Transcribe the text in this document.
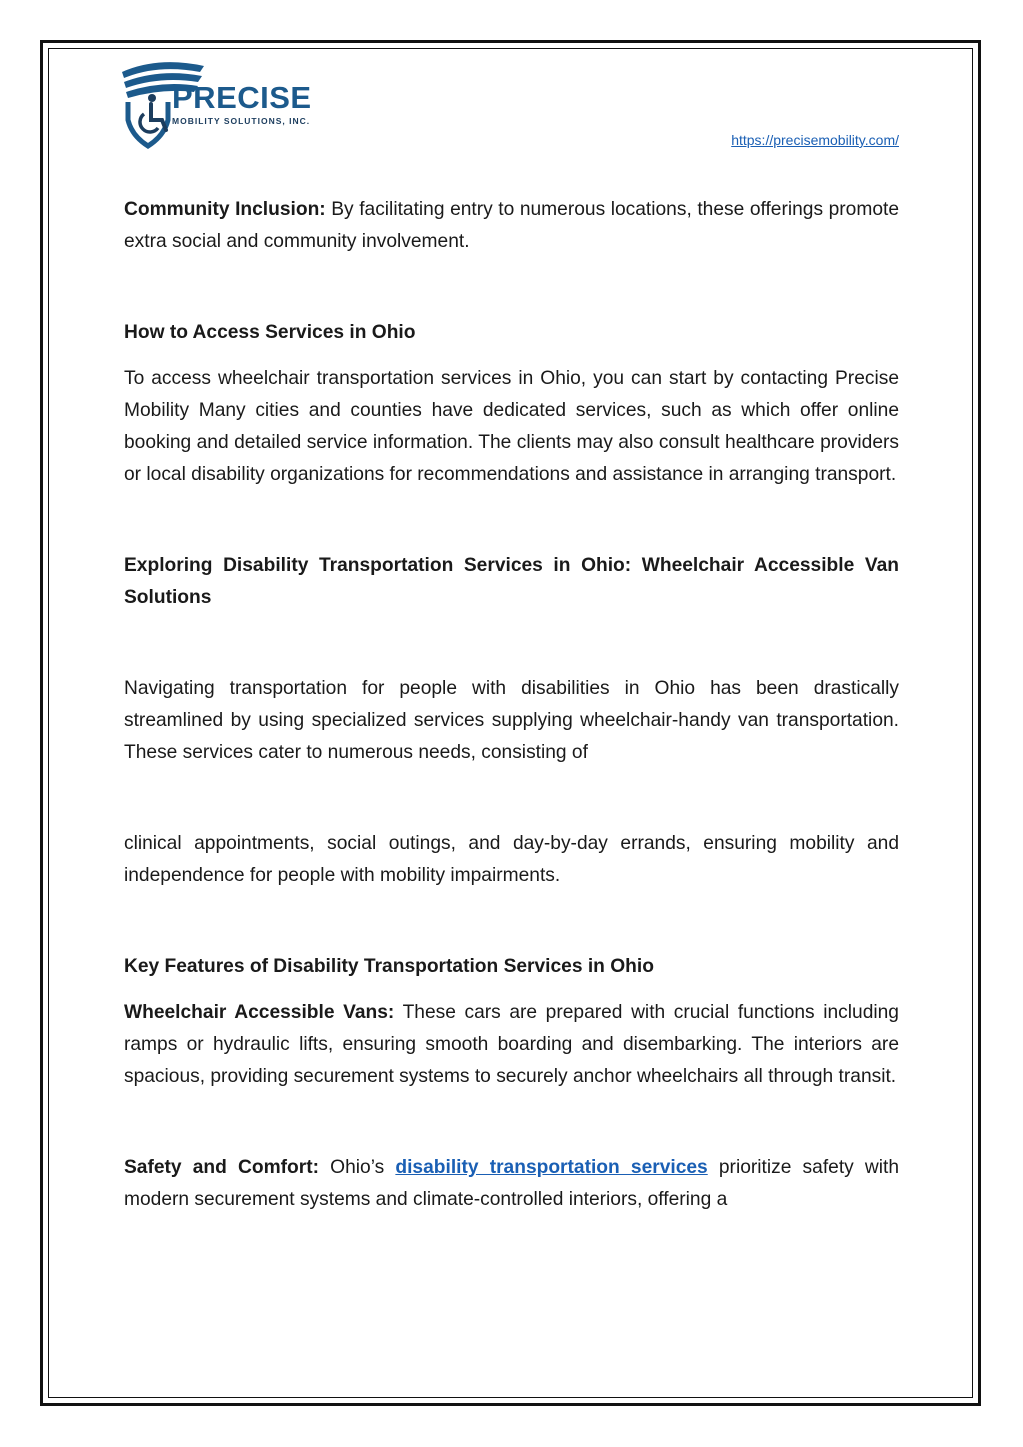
PRECISE
MOBILITY SOLUTIONS, INC.
https://precisemobility.com/

Community Inclusion: By facilitating entry to numerous locations, these offerings promote extra social and community involvement.

How to Access Services in Ohio

To access wheelchair transportation services in Ohio, you can start by contacting Precise Mobility Many cities and counties have dedicated services, such as which offer online booking and detailed service information. The clients may also consult healthcare providers or local disability organizations for recommendations and assistance in arranging transport.

Exploring Disability Transportation Services in Ohio: Wheelchair Accessible Van Solutions

Navigating transportation for people with disabilities in Ohio has been drastically streamlined by using specialized services supplying wheelchair-handy van transportation. These services cater to numerous needs, consisting of

clinical appointments, social outings, and day-by-day errands, ensuring mobility and independence for people with mobility impairments.

Key Features of Disability Transportation Services in Ohio

Wheelchair Accessible Vans: These cars are prepared with crucial functions including ramps or hydraulic lifts, ensuring smooth boarding and disembarking. The interiors are spacious, providing securement systems to securely anchor wheelchairs all through transit.

Safety and Comfort: Ohio’s disability transportation services prioritize safety with modern securement systems and climate-controlled interiors, offering a
